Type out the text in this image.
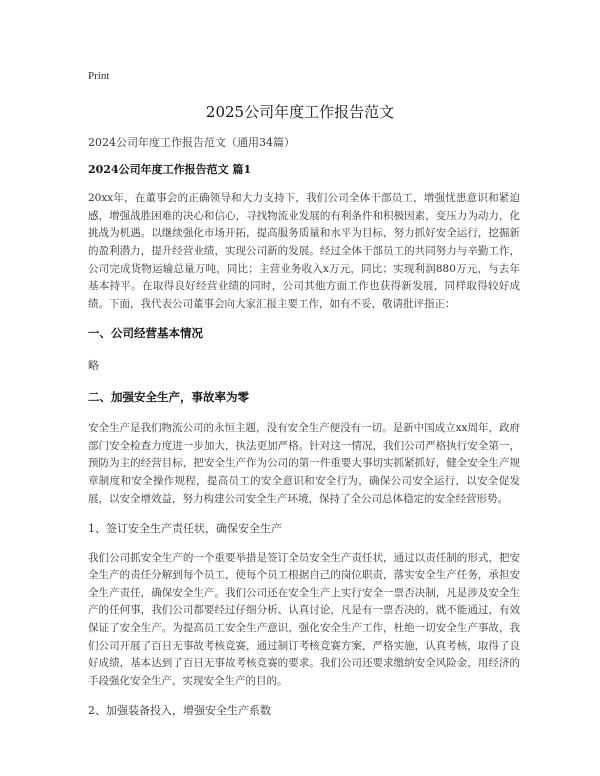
Print
2025公司年度工作报告范文
2024公司年度工作报告范文（通用34篇）
2024公司年度工作报告范文 篇1
20xx年，在董事会的正确领导和大力支持下，我们公司全体干部员工，增强忧患意识和紧迫感，增强战胜困难的决心和信心，寻找物流业发展的有利条件和积极因素，变压力为动力，化挑战为机遇。以继续强化市场开拓，提高服务质量和水平为目标，努力抓好安全运行，挖掘新的盈利潜力，提升经营业绩，实现公司新的发展。经过全体干部员工的共同努力与辛勤工作，公司完成货物运输总量万吨，同比；主营业务收入x万元，同比；实现利润880万元，与去年基本持平。在取得良好经营业绩的同时，公司其他方面工作也获得新发展，同样取得较好成绩。下面，我代表公司董事会向大家汇报主要工作，如有不妥，敬请批评指正：
一、公司经营基本情况
略
二、加强安全生产，事故率为零
安全生产是我们物流公司的永恒主题，没有安全生产便没有一切。是新中国成立xx周年，政府部门安全检查力度进一步加大，执法更加严格。针对这一情况，我们公司严格执行安全第一，预防为主的经营目标，把安全生产作为公司的第一件重要大事切实抓紧抓好，健全安全生产规章制度和安全操作规程，提高员工的安全意识和安全行为，确保公司安全运行，以安全促发展，以安全增效益，努力构建公司安全生产环境，保持了全公司总体稳定的安全经营形势。
1、签订安全生产责任状，确保安全生产
我们公司抓安全生产的一个重要举措是签订全员安全生产责任状，通过以责任制的形式，把安全生产的责任分解到每个员工，使每个员工根据自己的岗位职责，落实安全生产任务，承担安全生产责任，确保安全生产。我们公司还在安全生产上实行安全一票否决制，凡是涉及安全生产的任何事，我们公司都要经过仔细分析、认真讨论，凡是有一票否决的，就不能通过，有效保证了安全生产。为提高员工安全生产意识，强化安全生产工作，杜绝一切安全生产事故，我们公司开展了百日无事故考核竞赛，通过制订考核竞赛方案，严格实施，认真考核，取得了良好成绩，基本达到了百日无事故考核竞赛的要求。我们公司还要求缴纳安全风险金，用经济的手段强化安全生产，实现安全生产的目的。
2、加强装备投入，增强安全生产系数
